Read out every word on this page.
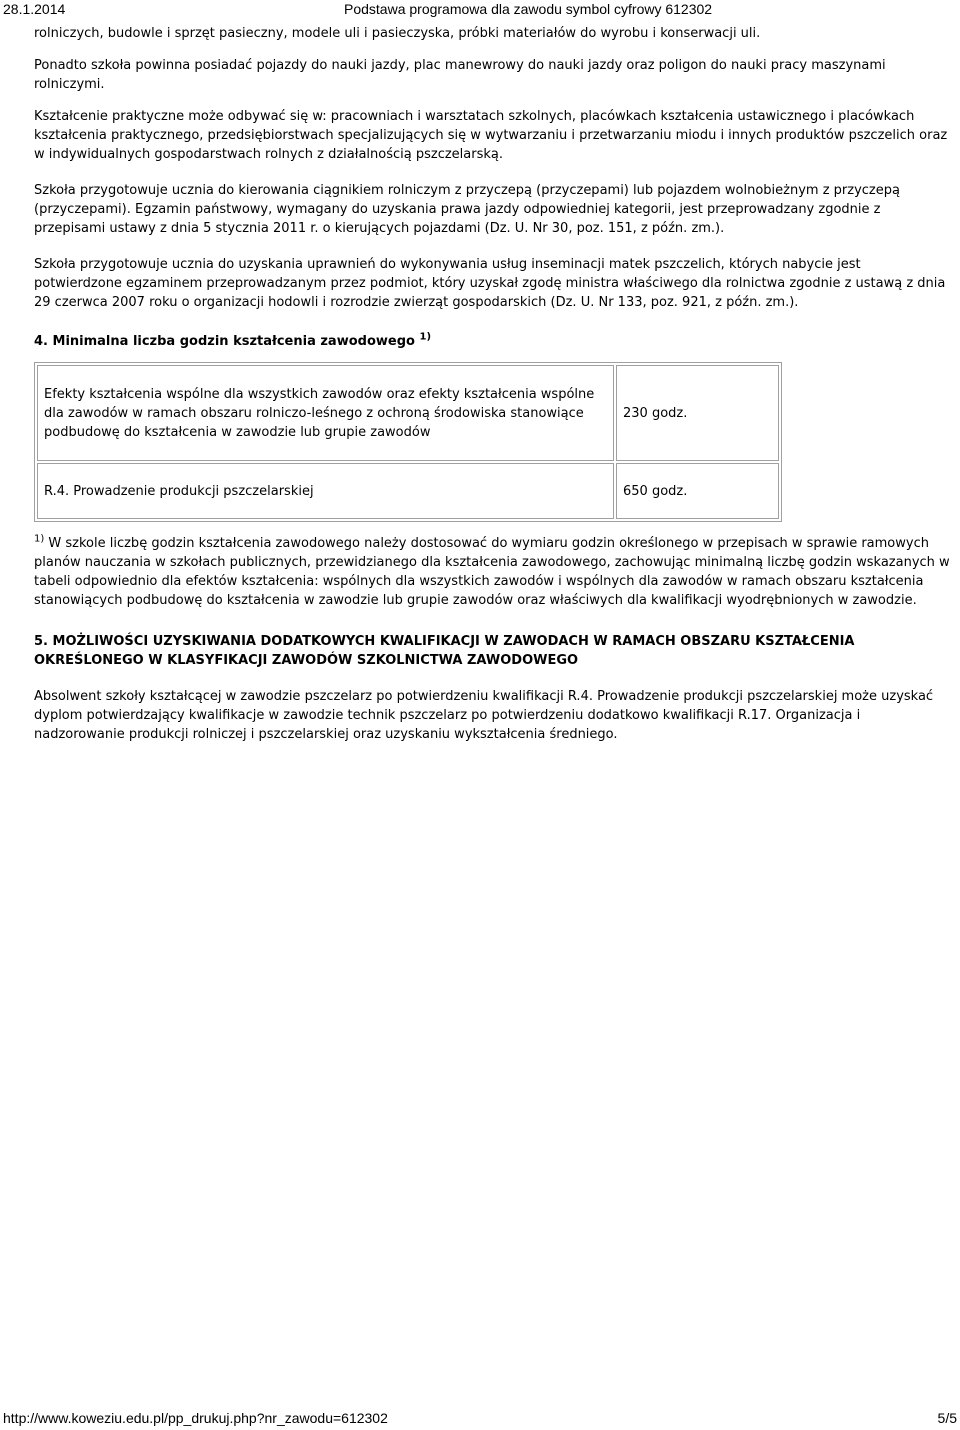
28.1.2014	Podstawa programowa dla zawodu symbol cyfrowy 612302

rolniczych, budowle i sprzęt pasieczny, modele uli i pasieczyska, próbki materiałów do wyrobu i konserwacji uli.

Ponadto szkoła powinna posiadać pojazdy do nauki jazdy, plac manewrowy do nauki jazdy oraz poligon do nauki pracy maszynami rolniczymi.

Kształcenie praktyczne może odbywać się w: pracowniach i warsztatach szkolnych, placówkach kształcenia ustawicznego i placówkach kształcenia praktycznego, przedsiębiorstwach specjalizujących się w wytwarzaniu i przetwarzaniu miodu i innych produktów pszczelich oraz w indywidualnych gospodarstwach rolnych z działalnością pszczelarską.

Szkoła przygotowuje ucznia do kierowania ciągnikiem rolniczym z przyczepą (przyczepami) lub pojazdem wolnobieżnym z przyczepą (przyczepami). Egzamin państwowy, wymagany do uzyskania prawa jazdy odpowiedniej kategorii, jest przeprowadzany zgodnie z przepisami ustawy z dnia 5 stycznia 2011 r. o kierujących pojazdami (Dz. U. Nr 30, poz. 151, z późn. zm.).

Szkoła przygotowuje ucznia do uzyskania uprawnień do wykonywania usług inseminacji matek pszczelich, których nabycie jest potwierdzone egzaminem przeprowadzanym przez podmiot, który uzyskał zgodę ministra właściwego dla rolnictwa zgodnie z ustawą z dnia 29 czerwca 2007 roku o organizacji hodowli i rozrodzie zwierząt gospodarskich (Dz. U. Nr 133, poz. 921, z późn. zm.).

4. Minimalna liczba godzin kształcenia zawodowego $^{1)}$

Efekty kształcenia wspólne dla wszystkich zawodów oraz efekty kształcenia wspólne dla zawodów w ramach obszaru rolniczo-leśnego z ochroną środowiska stanowiące podbudowę do kształcenia w zawodzie lub grupie zawodów	230 godz.
R.4. Prowadzenie produkcji pszczelarskiej	650 godz.

$^{1)}$ W szkole liczbę godzin kształcenia zawodowego należy dostosować do wymiaru godzin określonego w przepisach w sprawie ramowych planów nauczania w szkołach publicznych, przewidzianego dla kształcenia zawodowego, zachowując minimalną liczbę godzin wskazanych w tabeli odpowiednio dla efektów kształcenia: wspólnych dla wszystkich zawodów i wspólnych dla zawodów w ramach obszaru kształcenia stanowiących podbudowę do kształcenia w zawodzie lub grupie zawodów oraz właściwych dla kwalifikacji wyodrębnionych w zawodzie.

5. MOŻLIWOŚCI UZYSKIWANIA DODATKOWYCH KWALIFIKACJI W ZAWODACH W RAMACH OBSZARU KSZTAŁCENIA OKREŚLONEGO W KLASYFIKACJI ZAWODÓW SZKOLNICTWA ZAWODOWEGO

Absolwent szkoły kształcącej w zawodzie pszczelarz po potwierdzeniu kwalifikacji R.4. Prowadzenie produkcji pszczelarskiej może uzyskać dyplom potwierdzający kwalifikacje w zawodzie technik pszczelarz po potwierdzeniu dodatkowo kwalifikacji R.17. Organizacja i nadzorowanie produkcji rolniczej i pszczelarskiej oraz uzyskaniu wykształcenia średniego.

http://www.koweziu.edu.pl/pp_drukuj.php?nr_zawodu=612302	5/5
